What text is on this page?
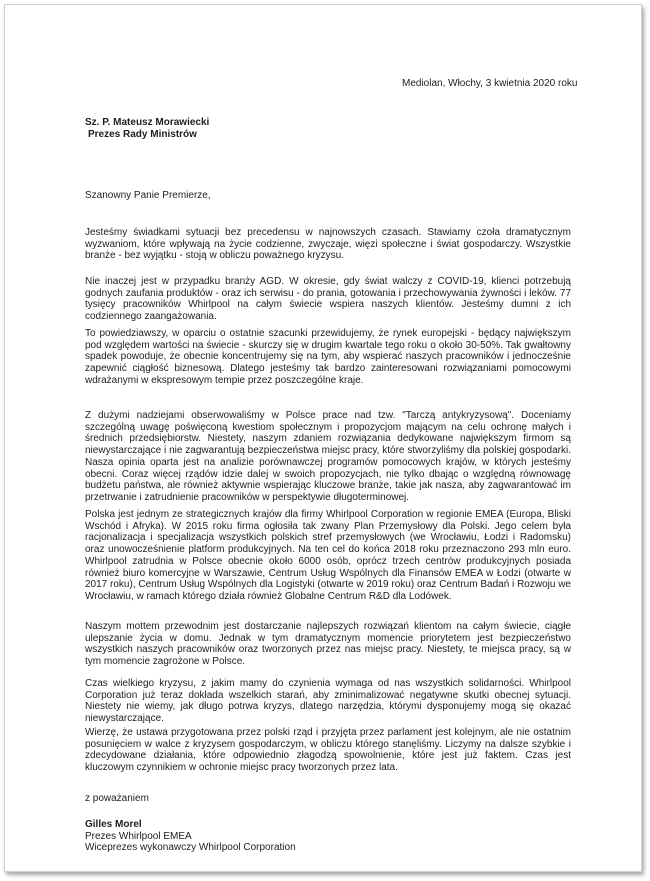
Mediolan, Włochy, 3 kwietnia 2020 roku
Sz. P. Mateusz Morawiecki
Prezes Rady Ministrów
Szanowny Panie Premierze,
Jesteśmy świadkami sytuacji bez precedensu w najnowszych czasach. Stawiamy czoła dramatycznym wyzwaniom, które wpływają na życie codzienne, zwyczaje, więzi społeczne i świat gospodarczy. Wszystkie branże - bez wyjątku - stoją w obliczu poważnego kryzysu.
Nie inaczej jest w przypadku branży AGD. W okresie, gdy świat walczy z COVID-19, klienci potrzebują godnych zaufania produktów - oraz ich serwisu - do prania, gotowania i przechowywania żywności i leków. 77 tysięcy pracowników Whirlpool na całym świecie wspiera naszych klientów. Jesteśmy dumni z ich codziennego zaangażowania.
To powiedziawszy, w oparciu o ostatnie szacunki przewidujemy, że rynek europejski - będący największym pod względem wartości na świecie - skurczy się w drugim kwartale tego roku o około 30-50%. Tak gwałtowny spadek powoduje, że obecnie koncentrujemy się na tym, aby wspierać naszych pracowników i jednocześnie zapewnić ciągłość biznesową. Dlatego jesteśmy tak bardzo zainteresowani rozwiązaniami pomocowymi wdrażanymi w ekspresowym tempie przez poszczególne kraje.
Z dużymi nadziejami obserwowaliśmy w Polsce prace nad tzw. "Tarczą antykryzysową". Doceniamy szczególną uwagę poświęconą kwestiom społecznym i propozycjom mającym na celu ochronę małych i średnich przedsiębiorstw. Niestety, naszym zdaniem rozwiązania dedykowane największym firmom są niewystarczające i nie zagwarantują bezpieczeństwa miejsc pracy, które stworzyliśmy dla polskiej gospodarki. Nasza opinia oparta jest na analizie porównawczej programów pomocowych krajów, w których jesteśmy obecni. Coraz więcej rządów idzie dalej w swoich propozycjach, nie tylko dbając o względną równowagę budżetu państwa, ale również aktywnie wspierając kluczowe branże, takie jak nasza, aby zagwarantować im przetrwanie i zatrudnienie pracowników w perspektywie długoterminowej.
Polska jest jednym ze strategicznych krajów dla firmy Whirlpool Corporation w regionie EMEA (Europa, Bliski Wschód i Afryka). W 2015 roku firma ogłosiła tak zwany Plan Przemysłowy dla Polski. Jego celem była racjonalizacja i specjalizacja wszystkich polskich stref przemysłowych (we Wrocławiu, Łodzi i Radomsku) oraz unowocześnienie platform produkcyjnych. Na ten cel do końca 2018 roku przeznaczono 293 mln euro. Whirlpool zatrudnia w Polsce obecnie około 6000 osób, oprócz trzech centrów produkcyjnych posiada również biuro komercyjne w Warszawie, Centrum Usług Wspólnych dla Finansów EMEA w Łodzi (otwarte w 2017 roku), Centrum Usług Wspólnych dla Logistyki (otwarte w 2019 roku) oraz Centrum Badań i Rozwoju we Wrocławiu, w ramach którego działa również Globalne Centrum R&D dla Lodówek.
Naszym mottem przewodnim jest dostarczanie najlepszych rozwiązań klientom na całym świecie, ciągłe ulepszanie życia w domu. Jednak w tym dramatycznym momencie priorytetem jest bezpieczeństwo wszystkich naszych pracowników oraz tworzonych przez nas miejsc pracy. Niestety, te miejsca pracy, są w tym momencie zagrożone w Polsce.
Czas wielkiego kryzysu, z jakim mamy do czynienia wymaga od nas wszystkich solidarności. Whirlpool Corporation już teraz dokłada wszelkich starań, aby zminimalizować negatywne skutki obecnej sytuacji. Niestety nie wiemy, jak długo potrwa kryzys, dlatego narzędzia, którymi dysponujemy mogą się okazać niewystarczające.
Wierzę, że ustawa przygotowana przez polski rząd i przyjęta przez parlament jest kolejnym, ale nie ostatnim posunięciem w walce z kryzysem gospodarczym, w obliczu którego stanęliśmy. Liczymy na dalsze szybkie i zdecydowane działania, które odpowiednio złagodzą spowolnienie, które jest już faktem. Czas jest kluczowym czynnikiem w ochronie miejsc pracy tworzonych przez lata.
z poważaniem
Gilles Morel
Prezes Whirlpool EMEA
Wiceprezes wykonawczy Whirlpool Corporation
